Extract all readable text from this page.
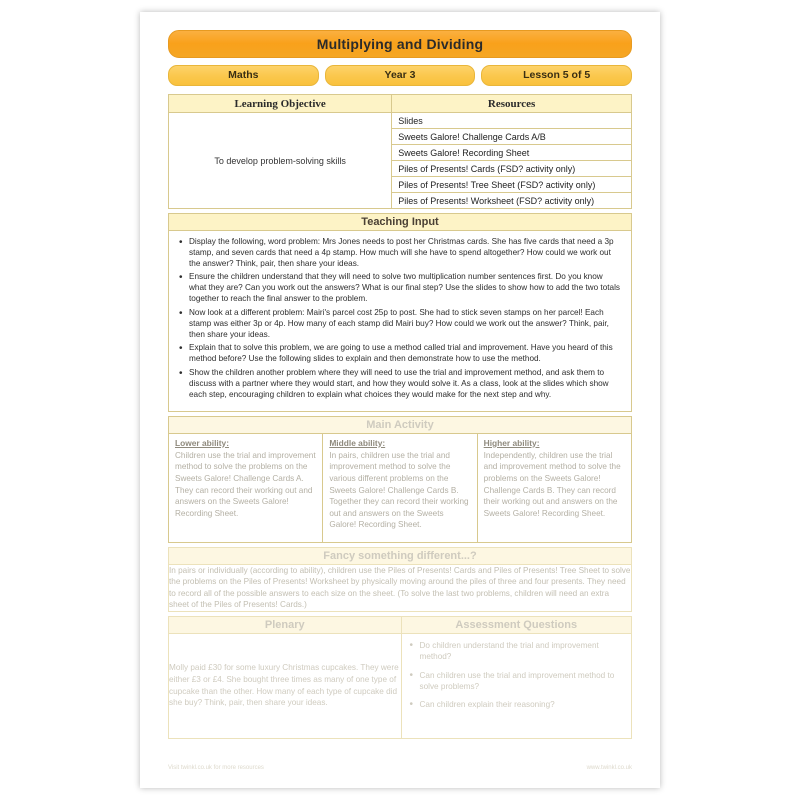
Multiplying and Dividing
Maths	Year 3	Lesson 5 of 5
Learning Objective	Resources
To develop problem-solving skills	
Slides
Sweets Galore! Challenge Cards A/B
Sweets Galore! Recording Sheet
Piles of Presents! Cards (FSD? activity only)
Piles of Presents! Tree Sheet (FSD? activity only)
Piles of Presents! Worksheet (FSD? activity only)
Teaching Input

• Display the following, word problem: Mrs Jones needs to post her Christmas cards. She has five cards that need a 3p stamp, and seven cards that need a 4p stamp. How much will she have to spend altogether? How could we work out the answer? Think, pair, then share your ideas.
• Ensure the children understand that they will need to solve two multiplication number sentences first. Do you know what they are? Can you work out the answers? What is our final step? Use the slides to show how to add the two totals together to reach the final answer to the problem.
• Now look at a different problem: Mairi's parcel cost 25p to post. She had to stick seven stamps on her parcel! Each stamp was either 3p or 4p. How many of each stamp did Mairi buy? How could we work out the answer? Think, pair, then share your ideas.
• Explain that to solve this problem, we are going to use a method called trial and improvement. Have you heard of this method before? Use the following slides to explain and then demonstrate how to use the method.
• Show the children another problem where they will need to use the trial and improvement method, and ask them to discuss with a partner where they would start, and how they would solve it. As a class, look at the slides which show each step, encouraging children to explain what choices they would make for the next step and why.
Main Activity

Lower ability:
Children use the trial and improvement method to solve the problems on the Sweets Galore! Challenge Cards A. They can record their working out and answers on the Sweets Galore! Recording Sheet.

Middle ability:
In pairs, children use the trial and improvement method to solve the various different problems on the Sweets Galore! Challenge Cards B. Together they can record their working out and answers on the Sweets Galore! Recording Sheet.

Higher ability:
Independently, children use the trial and improvement method to solve the problems on the Sweets Galore! Challenge Cards B. They can record their working out and answers on the Sweets Galore! Recording Sheet.
Fancy something different...?
In pairs or individually (according to ability), children use the Piles of Presents! Cards and Piles of Presents! Tree Sheet to solve the problems on the Piles of Presents! Worksheet by physically moving around the piles of three and four presents. They need to record all of the possible answers to each size on the sheet. (To solve the last two problems, children will need an extra sheet of the Piles of Presents! Cards.)
Plenary	Assessment Questions
Molly paid £30 for some luxury Christmas cupcakes. They were either £3 or £4. She bought three times as many of one type of cupcake than the other. How many of each type of cupcake did she buy? Think, pair, then share your ideas.	
• Do children understand the trial and improvement method?
• Can children use the trial and improvement method to solve problems?
• Can children explain their reasoning?
Visit twinkl.co.uk for more resources	www.twinkl.co.uk
